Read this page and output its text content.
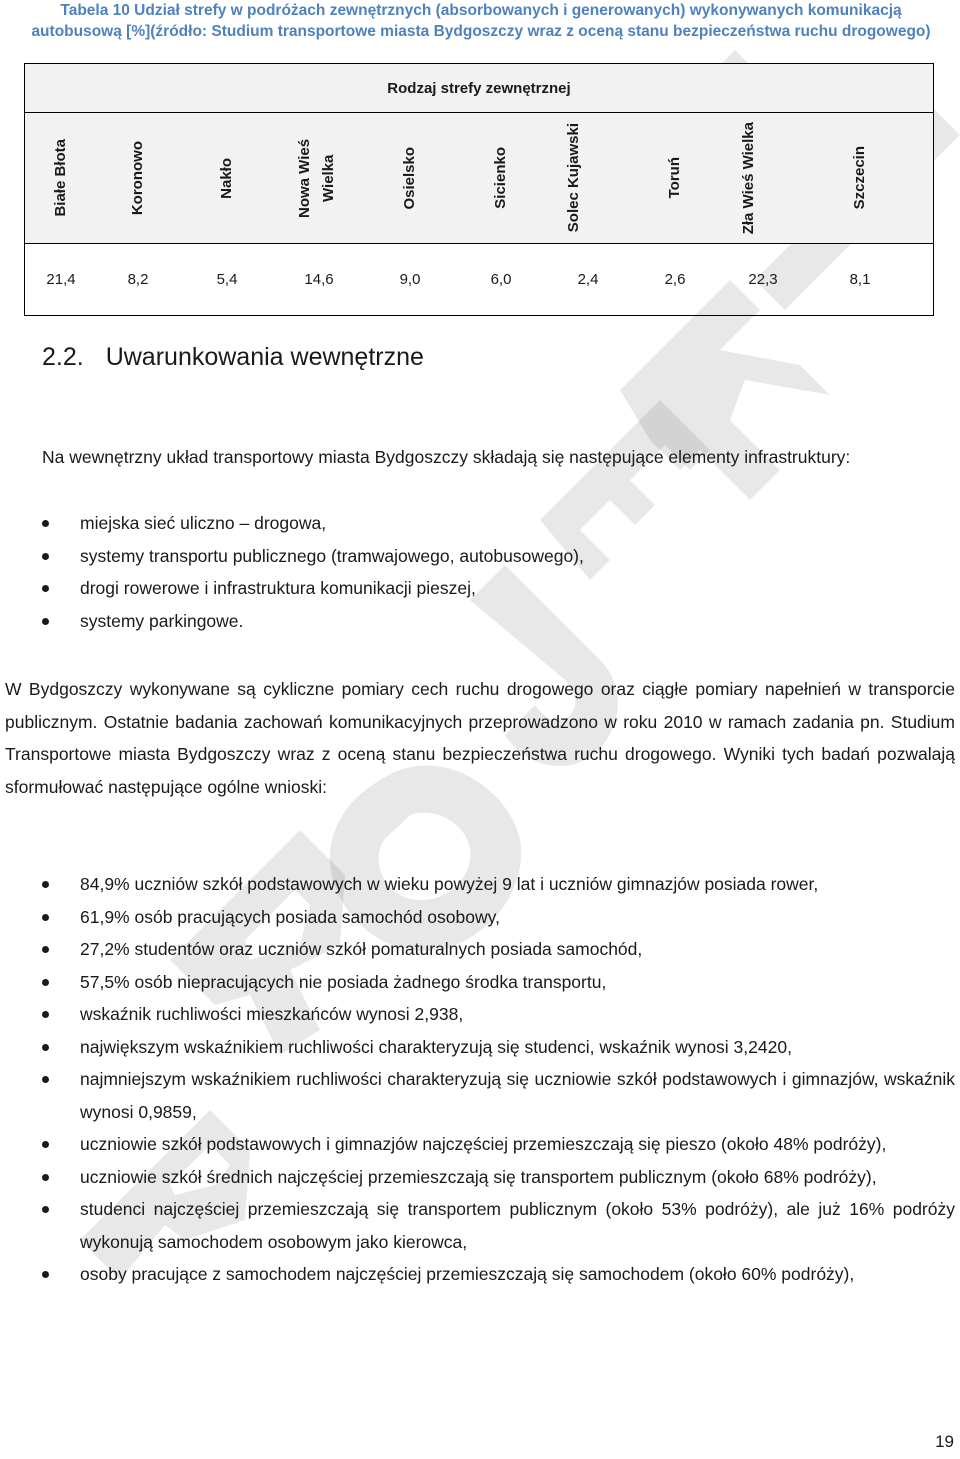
Tabela 10 Udział strefy w podróżach zewnętrznych (absorbowanych i generowanych) wykonywanych komunikacją
autobusową [%](źródło: Studium transportowe miasta Bydgoszczy wraz z oceną stanu bezpieczeństwa ruchu drogowego)
Rodzaj strefy zewnętrznej

Białe Błota	Koronowo	Nakło	Nowa Wieś Wielka	Osielsko	Sicienko	Solec Kujawski	Toruń	Zła Wieś Wielka	Szczecin

21,4	8,2	5,4	14,6	9,0	6,0	2,4	2,6	22,3	8,1
2.2. Uwarunkowania wewnętrzne
Na wewnętrzny układ transportowy miasta Bydgoszczy składają się następujące elementy infrastruktury:
miejska sieć uliczno – drogowa,
systemy transportu publicznego (tramwajowego, autobusowego),
drogi rowerowe i infrastruktura komunikacji pieszej,
systemy parkingowe.
W Bydgoszczy wykonywane są cykliczne pomiary cech ruchu drogowego oraz ciągłe pomiary napełnień w transporcie publicznym. Ostatnie badania zachowań komunikacyjnych przeprowadzono w roku 2010 w ramach zadania pn. Studium Transportowe miasta Bydgoszczy wraz z oceną stanu bezpieczeństwa ruchu drogowego. Wyniki tych badań pozwalają sformułować następujące ogólne wnioski:
84,9% uczniów szkół podstawowych w wieku powyżej 9 lat i uczniów gimnazjów posiada rower,
61,9% osób pracujących posiada samochód osobowy,
27,2% studentów oraz uczniów szkół pomaturalnych posiada samochód,
57,5% osób niepracujących nie posiada żadnego środka transportu,
wskaźnik ruchliwości mieszkańców wynosi 2,938,
największym wskaźnikiem ruchliwości charakteryzują się studenci, wskaźnik wynosi 3,2420,
najmniejszym wskaźnikiem ruchliwości charakteryzują się uczniowie szkół podstawowych i gimnazjów, wskaźnik wynosi 0,9859,
uczniowie szkół podstawowych i gimnazjów najczęściej przemieszczają się pieszo (około 48% podróży),
uczniowie szkół średnich najczęściej przemieszczają się transportem publicznym (około 68% podróży),
studenci najczęściej przemieszczają się transportem publicznym (około 53% podróży), ale już 16% podróży wykonują samochodem osobowym jako kierowca,
osoby pracujące z samochodem najczęściej przemieszczają się samochodem (około 60% podróży),
19
